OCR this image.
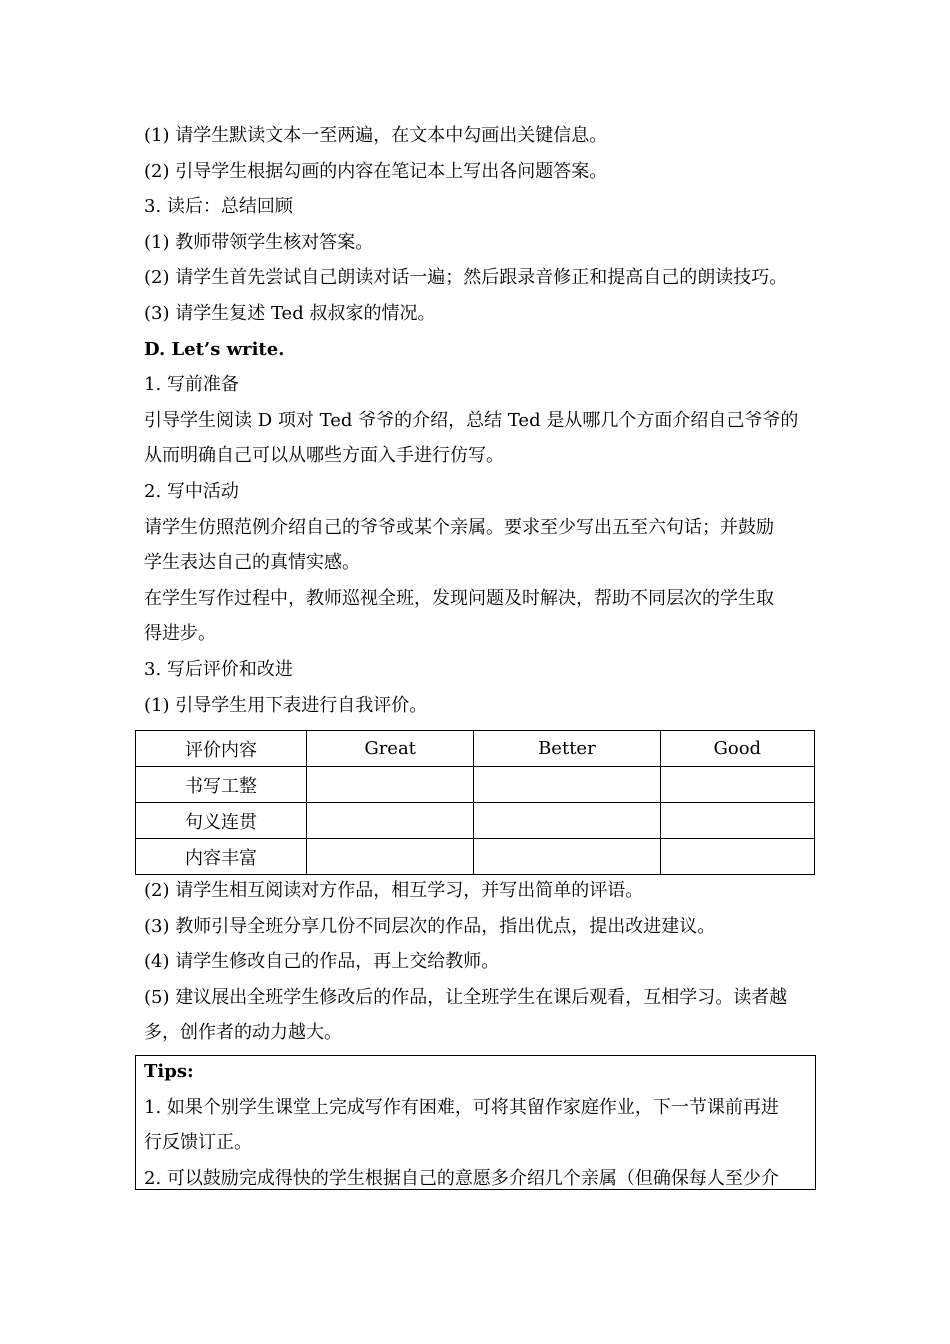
(1) 请学生默读文本一至两遍，在文本中勾画出关键信息。

(2) 引导学生根据勾画的内容在笔记本上写出各问题答案。

3. 读后：总结回顾

(1) 教师带领学生核对答案。

(2) 请学生首先尝试自己朗读对话一遍；然后跟录音修正和提高自己的朗读技巧。

(3) 请学生复述 Ted 叔叔家的情况。

D. Let’s write.

1. 写前准备

引导学生阅读 D 项对 Ted 爷爷的介绍，总结 Ted 是从哪几个方面介绍自己爷爷的

从而明确自己可以从哪些方面入手进行仿写。

2. 写中活动

请学生仿照范例介绍自己的爷爷或某个亲属。要求至少写出五至六句话；并鼓励

学生表达自己的真情实感。

在学生写作过程中，教师巡视全班，发现问题及时解决，帮助不同层次的学生取

得进步。

3. 写后评价和改进

(1) 引导学生用下表进行自我评价。

评价内容	Great	Better	Good
书写工整			
句义连贯			
内容丰富			

(2) 请学生相互阅读对方作品，相互学习，并写出简单的评语。

(3) 教师引导全班分享几份不同层次的作品，指出优点，提出改进建议。

(4) 请学生修改自己的作品，再上交给教师。

(5) 建议展出全班学生修改后的作品，让全班学生在课后观看，互相学习。读者越

多，创作者的动力越大。

Tips:

1. 如果个别学生课堂上完成写作有困难，可将其留作家庭作业，下一节课前再进

行反馈订正。

2. 可以鼓励完成得快的学生根据自己的意愿多介绍几个亲属（但确保每人至少介
